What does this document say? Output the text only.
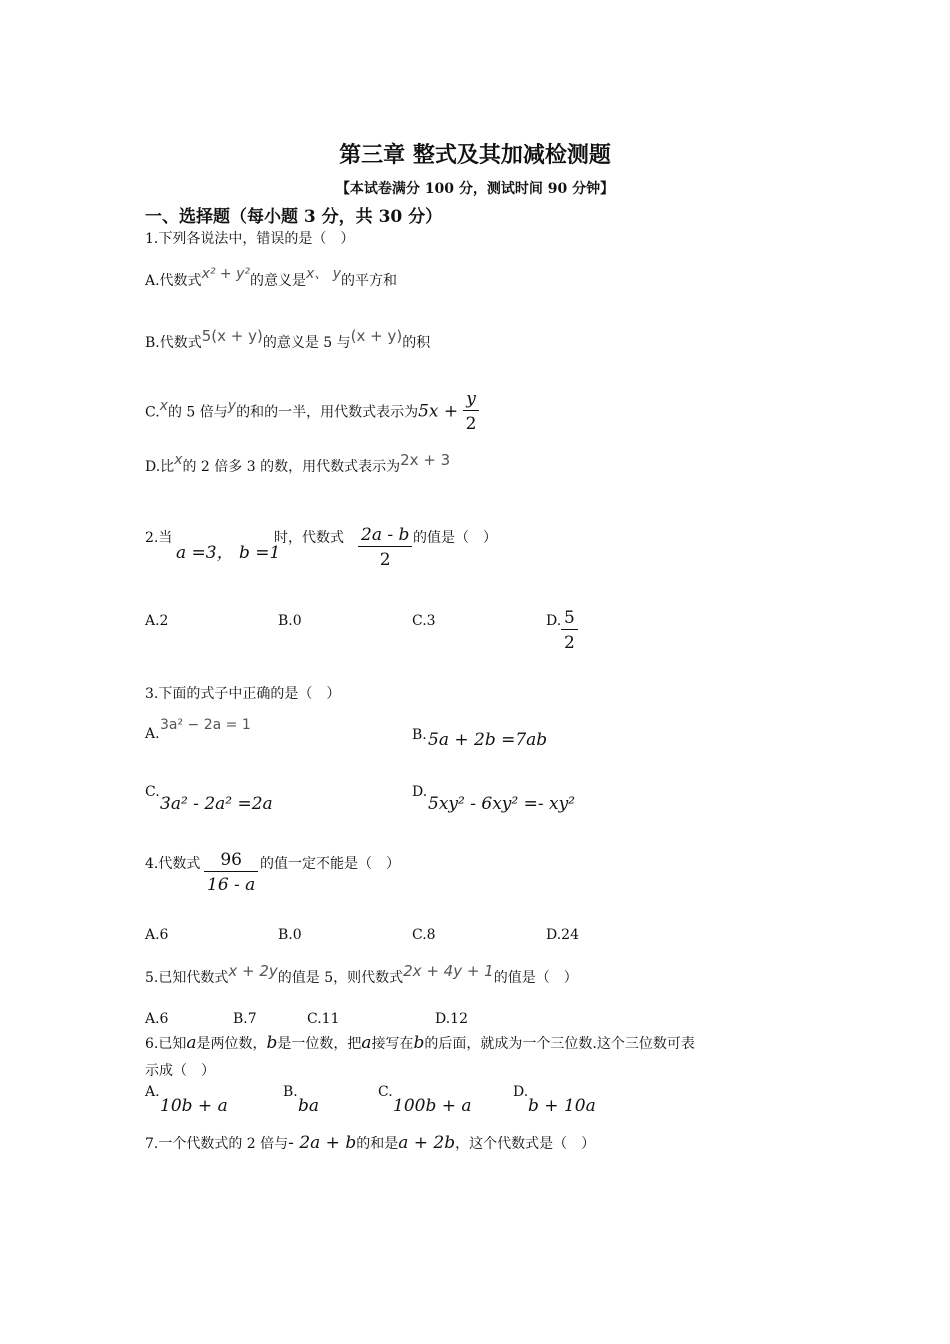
第三章 整式及其加减检测题
【本试卷满分 100 分，测试时间 90 分钟】
一、选择题（每小题 3 分，共 30 分）
1.下列各说法中，错误的是（　）
A.代数式x² + y²的意义是x、 y的平方和
B.代数式5(x + y)的意义是 5 与(x + y)的积
C.x的 5 倍与y的和的一半，用代数式表示为$5x + \frac{y}{2}$
D.比x的 2 倍多 3 的数，用代数式表示为2x + 3
2.当
a =3， b =1
时，代数式 $\frac{2a - b}{2}$ 的值是（　）
A.2	B.0	C.3	D. $\frac{5}{2}$
3.下面的式子中正确的是（　）
A.
3a² − 2a = 1
B. 5a + 2b =7ab
C.
3a² - 2a² =2a
D.
5xy² - 6xy² =- xy²
4.代数式 $\frac{96}{16 - a}$ 的值一定不能是（　）
A.6	B.0	C.8	D.24
5.已知代数式x + 2y的值是 5，则代数式2x + 4y + 1的值是（　）
A.6	B.7	C.11	D.12
6.已知a是两位数，b是一位数，把a接写在b的后面，就成为一个三位数.这个三位数可表
示成（　）
A.
10b + a
B.
ba
C.
100b + a
D.
b + 10a
7.一个代数式的 2 倍与- 2a + b的和是a + 2b，这个代数式是（　）
